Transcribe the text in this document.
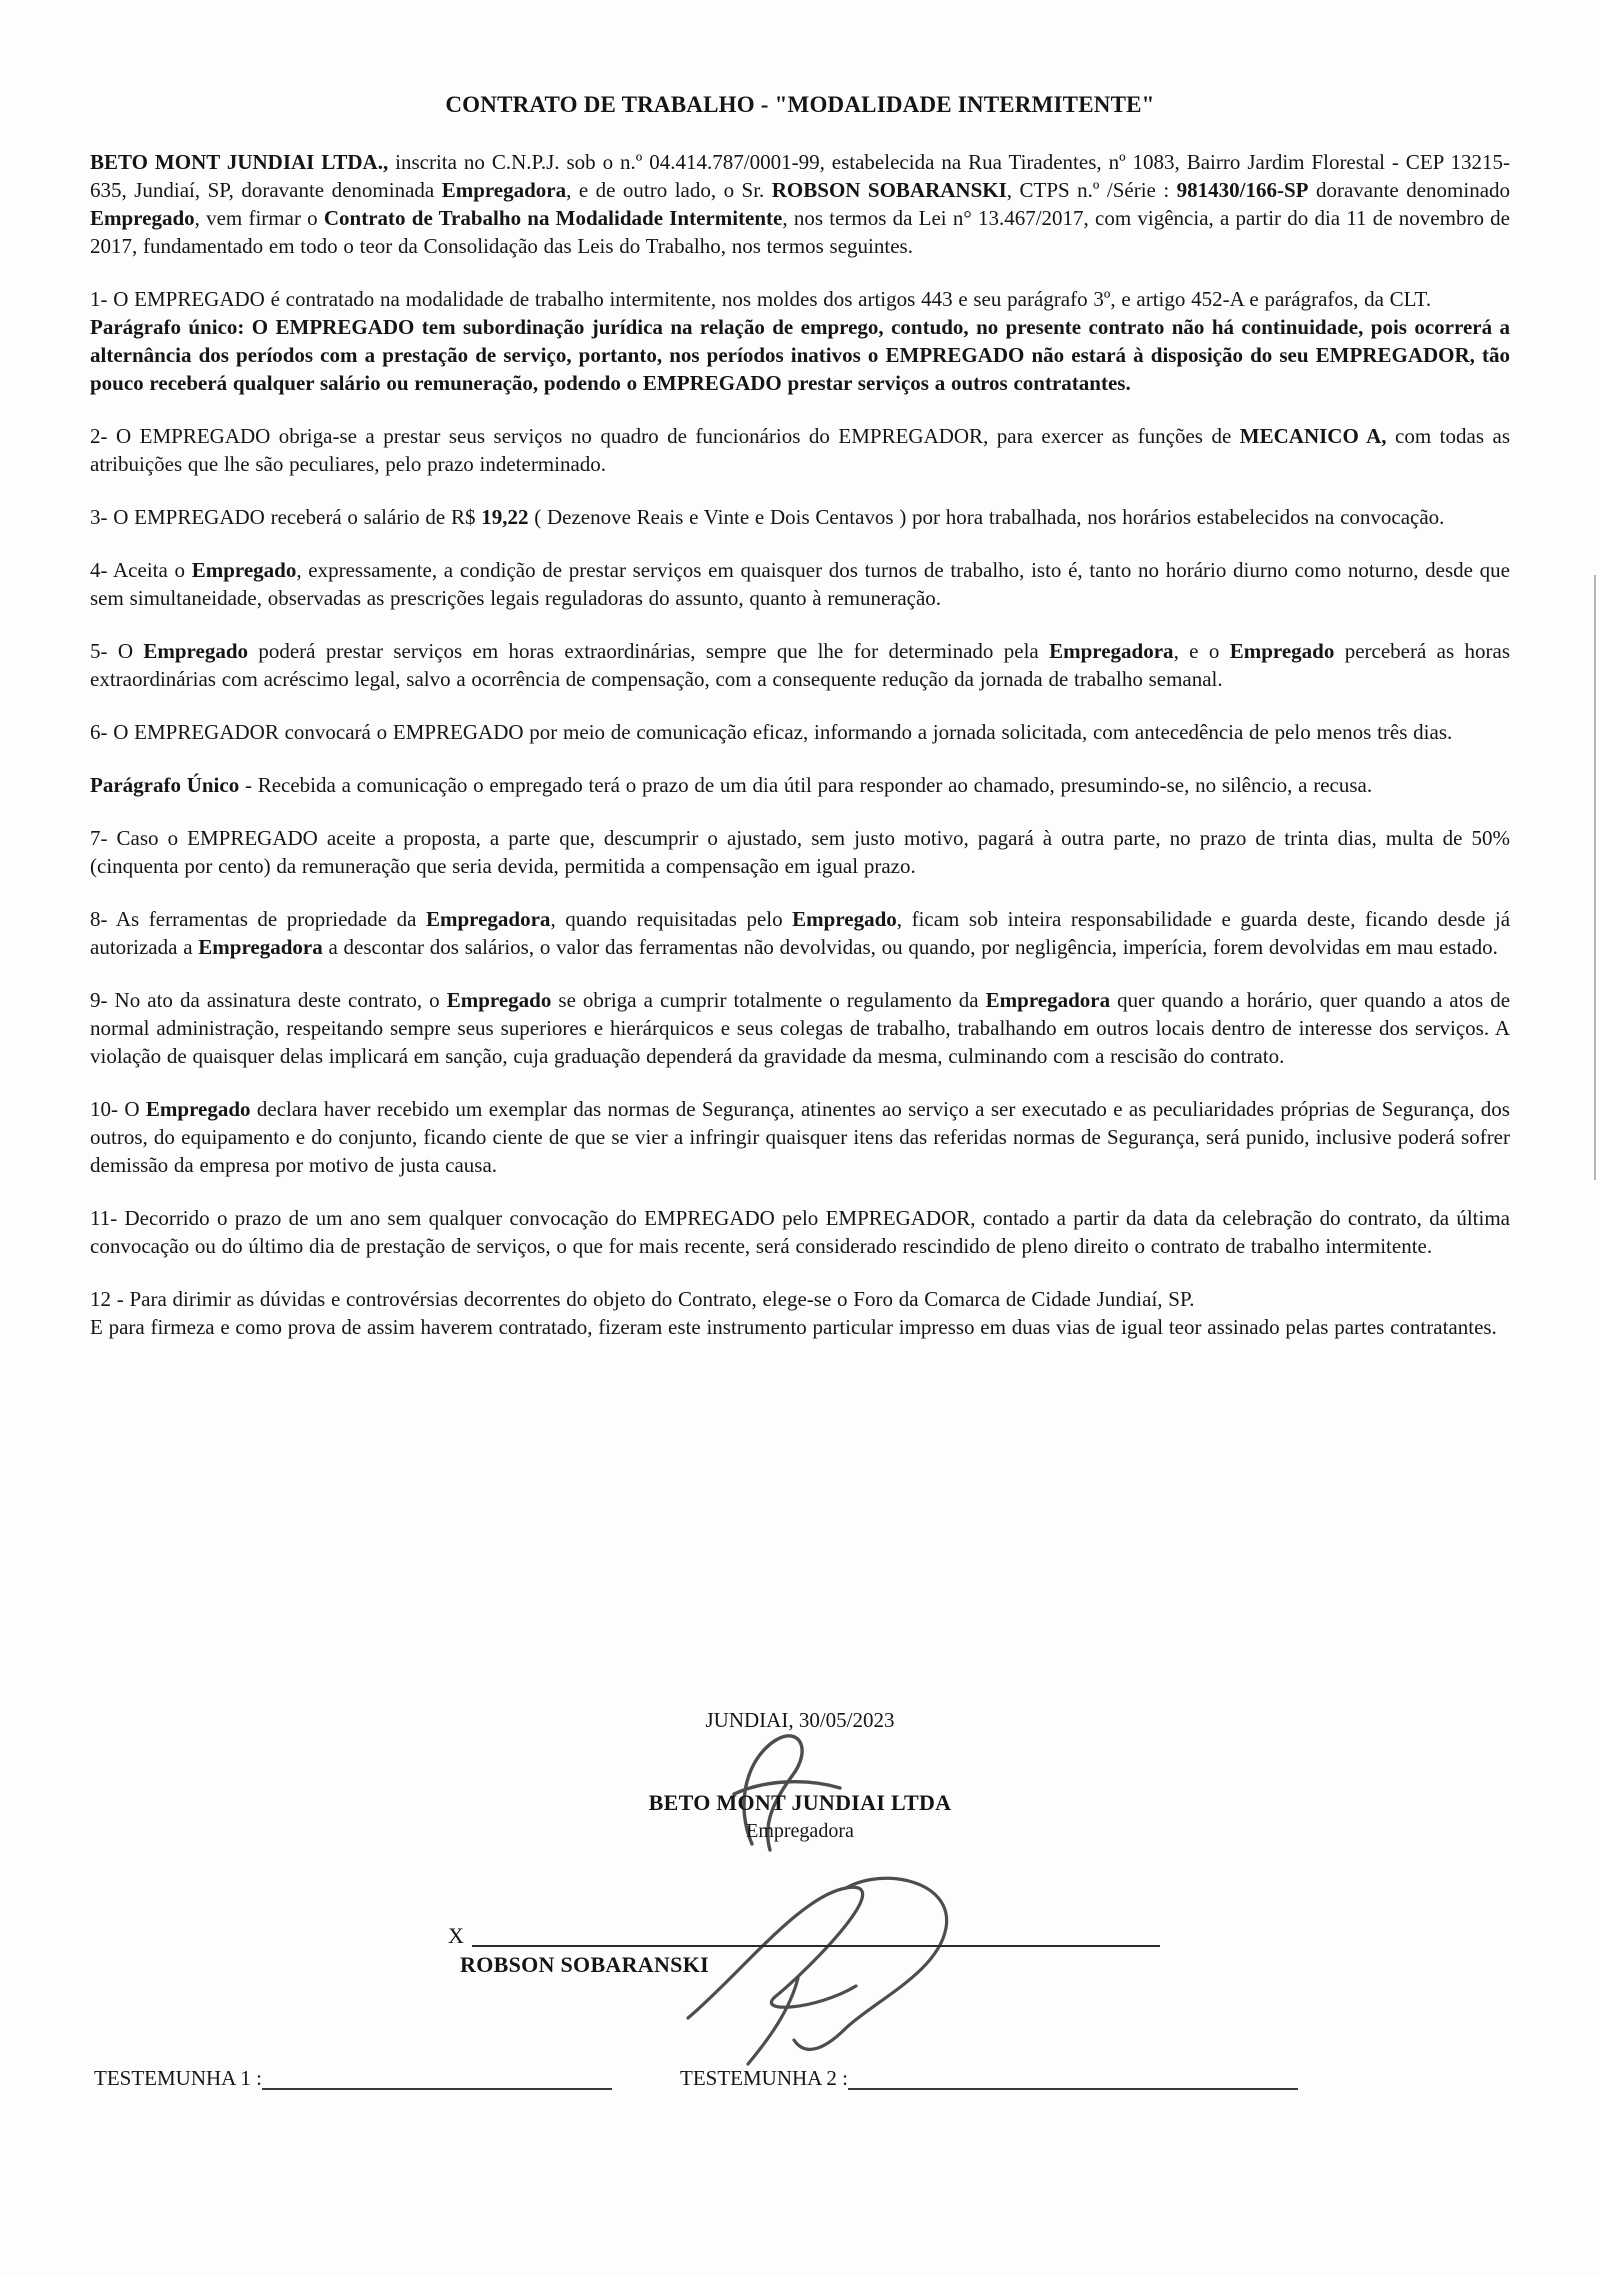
CONTRATO DE TRABALHO - "MODALIDADE INTERMITENTE"

BETO MONT JUNDIAI LTDA., inscrita no C.N.P.J. sob o n.º 04.414.787/0001-99, estabelecida na Rua Tiradentes, nº 1083, Bairro Jardim Florestal - CEP 13215-635, Jundiaí, SP, doravante denominada Empregadora, e de outro lado, o Sr. ROBSON SOBARANSKI, CTPS n.º /Série : 981430/166-SP doravante denominado Empregado, vem firmar o Contrato de Trabalho na Modalidade Intermitente, nos termos da Lei n° 13.467/2017, com vigência, a partir do dia 11 de novembro de 2017, fundamentado em todo o teor da Consolidação das Leis do Trabalho, nos termos seguintes.

1- O EMPREGADO é contratado na modalidade de trabalho intermitente, nos moldes dos artigos 443 e seu parágrafo 3º, e artigo 452-A e parágrafos, da CLT.

Parágrafo único: O EMPREGADO tem subordinação jurídica na relação de emprego, contudo, no presente contrato não há continuidade, pois ocorrerá a alternância dos períodos com a prestação de serviço, portanto, nos períodos inativos o EMPREGADO não estará à disposição do seu EMPREGADOR, tão pouco receberá qualquer salário ou remuneração, podendo o EMPREGADO prestar serviços a outros contratantes.

2- O EMPREGADO obriga-se a prestar seus serviços no quadro de funcionários do EMPREGADOR, para exercer as funções de MECANICO A, com todas as atribuições que lhe são peculiares, pelo prazo indeterminado.

3- O EMPREGADO receberá o salário de R$ 19,22 ( Dezenove Reais e Vinte e Dois Centavos ) por hora trabalhada, nos horários estabelecidos na convocação.

4- Aceita o Empregado, expressamente, a condição de prestar serviços em quaisquer dos turnos de trabalho, isto é, tanto no horário diurno como noturno, desde que sem simultaneidade, observadas as prescrições legais reguladoras do assunto, quanto à remuneração.

5- O Empregado poderá prestar serviços em horas extraordinárias, sempre que lhe for determinado pela Empregadora, e o Empregado perceberá as horas extraordinárias com acréscimo legal, salvo a ocorrência de compensação, com a consequente redução da jornada de trabalho semanal.

6- O EMPREGADOR convocará o EMPREGADO por meio de comunicação eficaz, informando a jornada solicitada, com antecedência de pelo menos três dias.

Parágrafo Único - Recebida a comunicação o empregado terá o prazo de um dia útil para responder ao chamado, presumindo-se, no silêncio, a recusa.

7- Caso o EMPREGADO aceite a proposta, a parte que, descumprir o ajustado, sem justo motivo, pagará à outra parte, no prazo de trinta dias, multa de 50% (cinquenta por cento) da remuneração que seria devida, permitida a compensação em igual prazo.

8- As ferramentas de propriedade da Empregadora, quando requisitadas pelo Empregado, ficam sob inteira responsabilidade e guarda deste, ficando desde já autorizada a Empregadora a descontar dos salários, o valor das ferramentas não devolvidas, ou quando, por negligência, imperícia, forem devolvidas em mau estado.

9- No ato da assinatura deste contrato, o Empregado se obriga a cumprir totalmente o regulamento da Empregadora quer quando a horário, quer quando a atos de normal administração, respeitando sempre seus superiores e hierárquicos e seus colegas de trabalho, trabalhando em outros locais dentro de interesse dos serviços. A violação de quaisquer delas implicará em sanção, cuja graduação dependerá da gravidade da mesma, culminando com a rescisão do contrato.

10- O Empregado declara haver recebido um exemplar das normas de Segurança, atinentes ao serviço a ser executado e as peculiaridades próprias de Segurança, dos outros, do equipamento e do conjunto, ficando ciente de que se vier a infringir quaisquer itens das referidas normas de Segurança, será punido, inclusive poderá sofrer demissão da empresa por motivo de justa causa.

11- Decorrido o prazo de um ano sem qualquer convocação do EMPREGADO pelo EMPREGADOR, contado a partir da data da celebração do contrato, da última convocação ou do último dia de prestação de serviços, o que for mais recente, será considerado rescindido de pleno direito o contrato de trabalho intermitente.

12 - Para dirimir as dúvidas e controvérsias decorrentes do objeto do Contrato, elege-se o Foro da Comarca de Cidade Jundiaí, SP.

E para firmeza e como prova de assim haverem contratado, fizeram este instrumento particular impresso em duas vias de igual teor assinado pelas partes contratantes.

JUNDIAI, 30/05/2023
BETO MONT JUNDIAI LTDA
Empregadora
X
ROBSON SOBARANSKI
TESTEMUNHA 1 :	TESTEMUNHA 2 :
